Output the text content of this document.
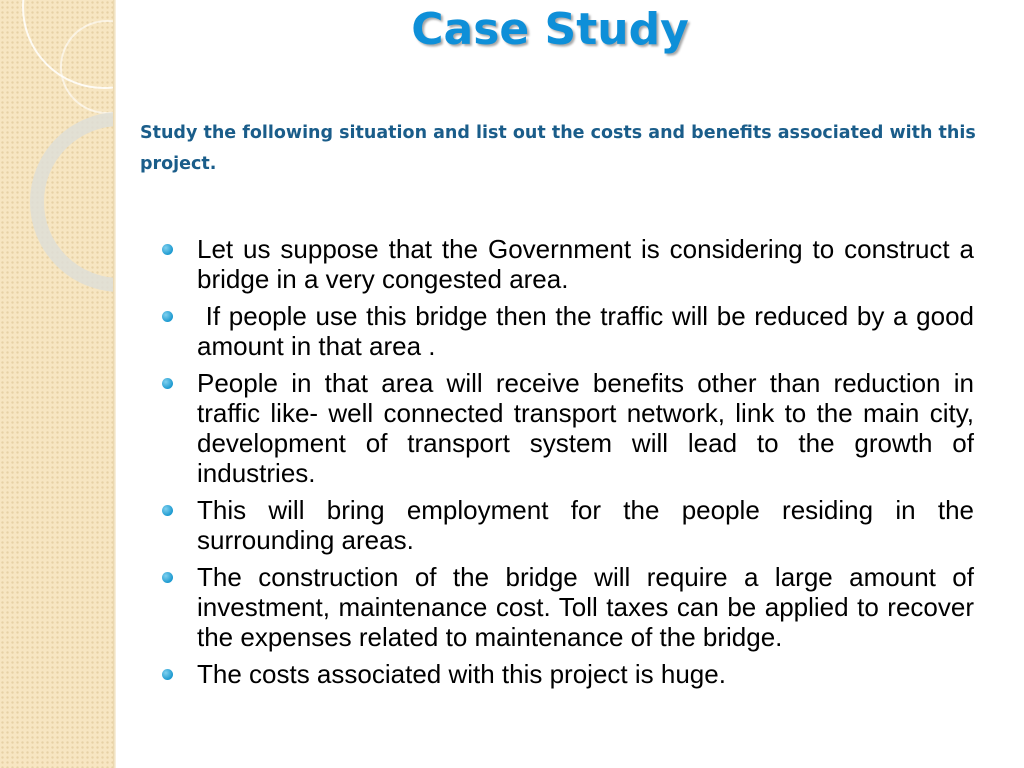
Case Study

Study the following situation and list out the costs and benefits associated with this project.

Let us suppose that the Government is considering to construct a bridge in a very congested area.
If people use this bridge then the traffic will be reduced by a good amount in that area .
People in that area will receive benefits other than reduction in traffic like- well connected transport network, link to the main city, development of transport system will lead to the growth of industries.
This will bring employment for the people residing in the surrounding areas.
The construction of the bridge will require a large amount of investment, maintenance cost. Toll taxes can be applied to recover the expenses related to maintenance of the bridge.
The costs associated with this project is huge.
